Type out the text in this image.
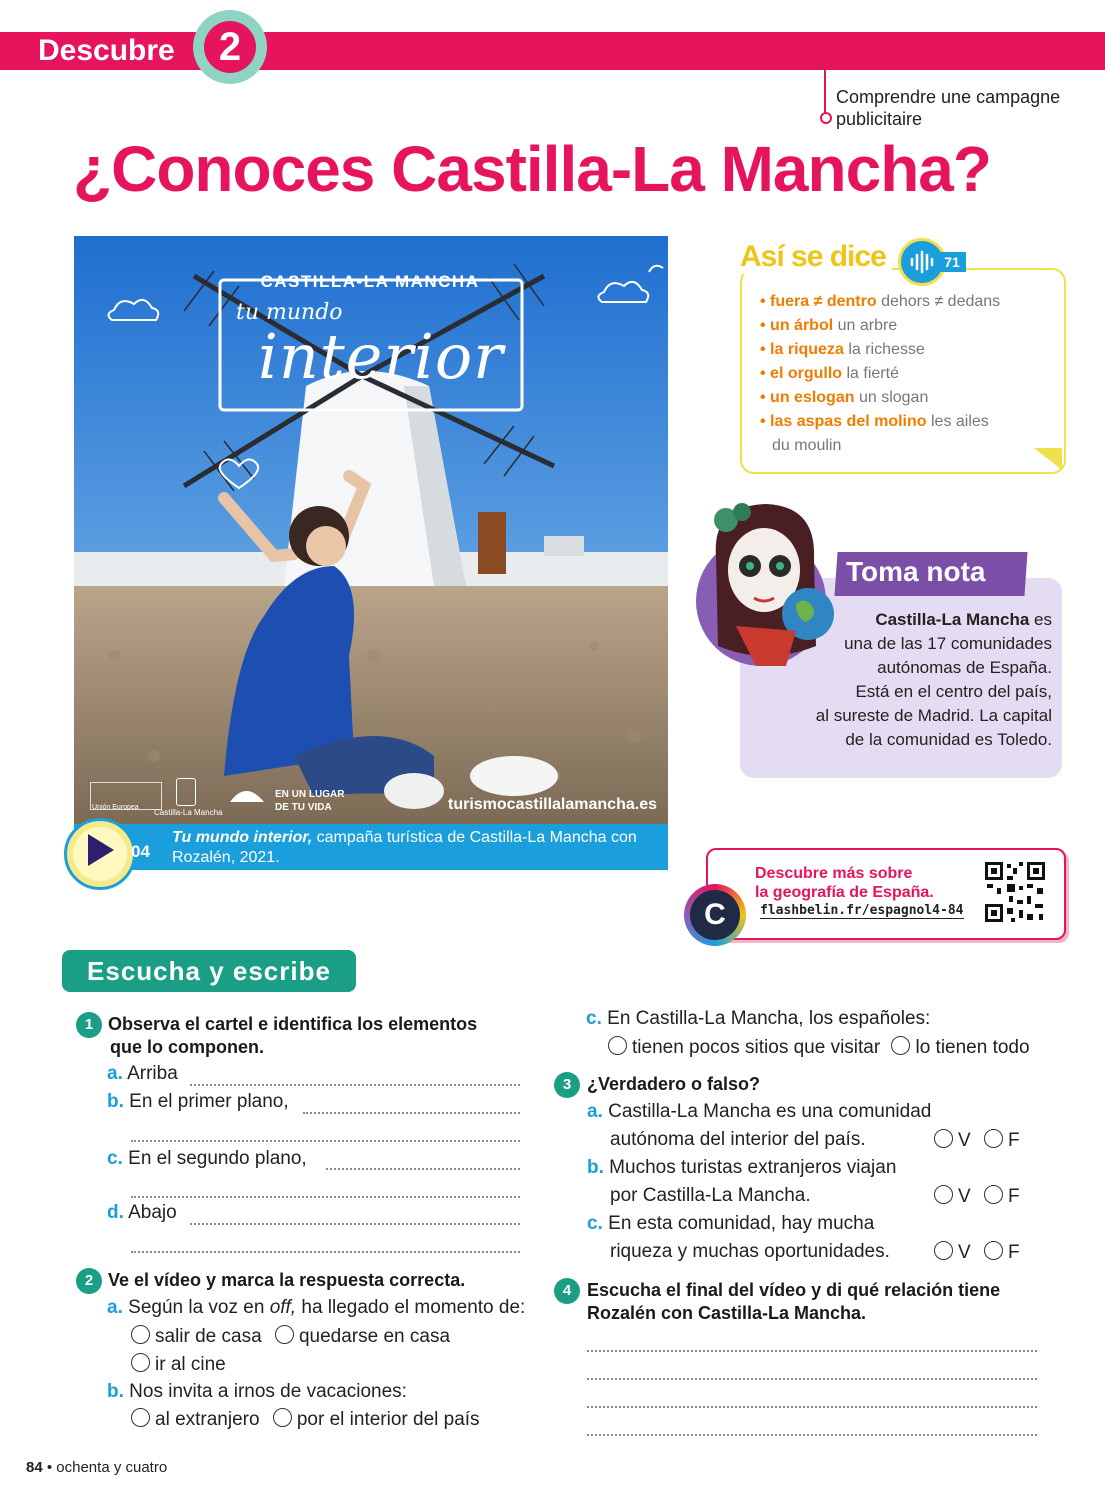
Descubre	2
Comprendre une campagne publicitaire
¿Conoces Castilla-La Mancha?
CASTILLA-LA MANCHA
tu mundo
interior
Unión Europea
Castilla-La Mancha
EN UN LUGAR DE TU VIDA	turismocastillalamancha.es
Tu mundo interior, campaña turística de Castilla-La Mancha con Rozalén, 2021.
04
Así se dice	71
• fuera ≠ dentro dehors ≠ dedans
• un árbol un arbre
• la riqueza la richesse
• el orgullo la fierté
• un eslogan un slogan
• las aspas del molino les ailes
du moulin
Toma nota
Castilla-La Mancha es
una de las 17 comunidades
autónomas de España.
Está en el centro del país,
al sureste de Madrid. La capital
de la comunidad es Toledo.
Descubre más sobre
la geografía de España.
flashbelin.fr/espagnol4-84
C
Escucha y escribe
1 Observa el cartel e identifica los elementos
que lo componen.
a. Arriba
b. En el primer plano,
c. En el segundo plano,
d. Abajo
2 Ve el vídeo y marca la respuesta correcta.
a. Según la voz en off, ha llegado el momento de:
salir de casa quedarse en casa
ir al cine
b. Nos invita a irnos de vacaciones:
al extranjero por el interior del país
c. En Castilla-La Mancha, los españoles:
tienen pocos sitios que visitar lo tienen todo
3 ¿Verdadero o falso?
a. Castilla-La Mancha es una comunidad
autónoma del interior del país.	V F
b. Muchos turistas extranjeros viajan
por Castilla-La Mancha.	V F
c. En esta comunidad, hay mucha
riqueza y muchas oportunidades.	V F
4 Escucha el final del vídeo y di qué relación tiene
Rozalén con Castilla-La Mancha.
84 • ochenta y cuatro
